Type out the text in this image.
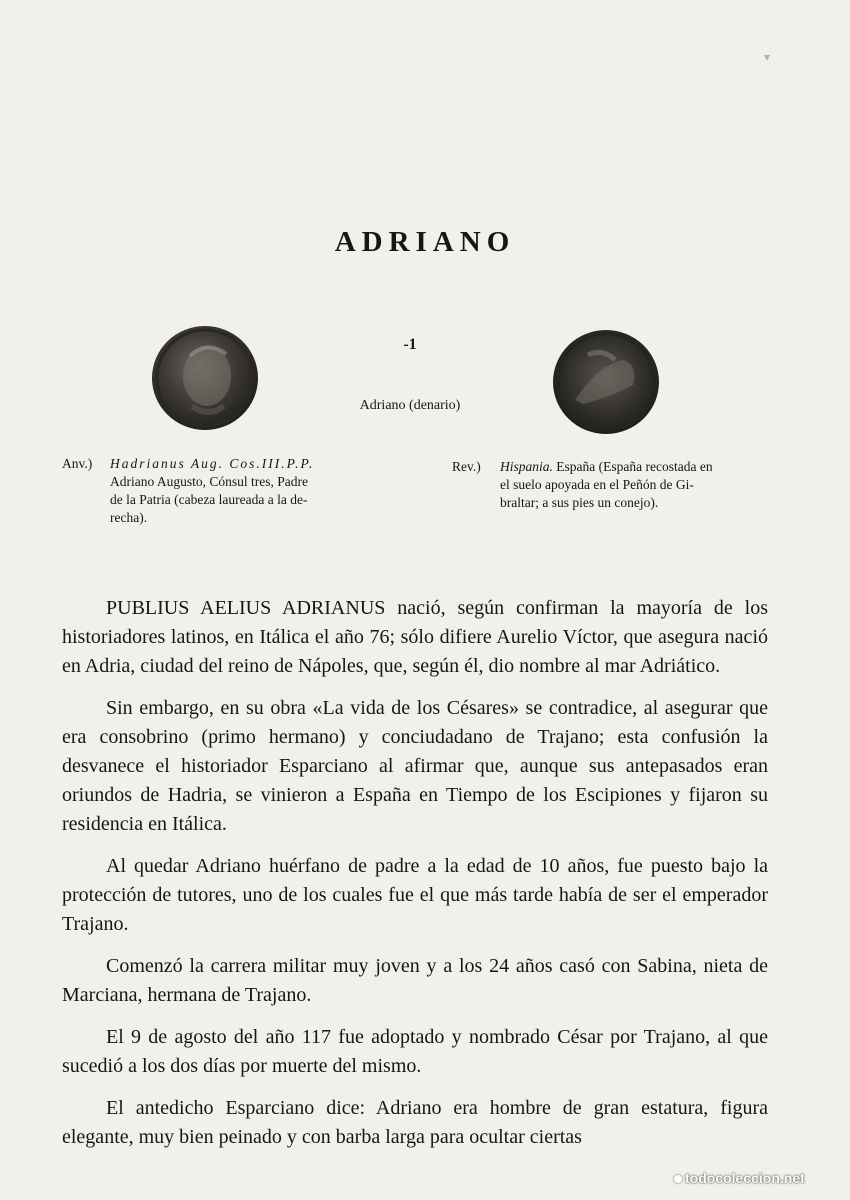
▾
ADRIANO
-1
Adriano (denario)
Anv.) Hadrianus Aug. Cos.III.P.P.
Adriano Augusto, Cónsul tres, Padre
de la Patria (cabeza laureada a la de-
recha).
Rev.) Hispania. España (España recostada en
el suelo apoyada en el Peñón de Gi-
braltar; a sus pies un conejo).

PUBLIUS AELIUS ADRIANUS nació, según confirman la mayoría de los historiadores latinos, en Itálica el año 76; sólo difiere Aurelio Víctor, que asegura nació en Adria, ciudad del reino de Nápoles, que, según él, dio nombre al mar Adriático.

Sin embargo, en su obra «La vida de los Césares» se contradice, al asegurar que era consobrino (primo hermano) y conciudadano de Trajano; esta confusión la desvanece el historiador Esparciano al afirmar que, aunque sus antepasados eran oriundos de Hadria, se vinieron a España en Tiempo de los Escipiones y fijaron su residencia en Itálica.

Al quedar Adriano huérfano de padre a la edad de 10 años, fue puesto bajo la protección de tutores, uno de los cuales fue el que más tarde había de ser el emperador Trajano.

Comenzó la carrera militar muy joven y a los 24 años casó con Sabina, nieta de Marciana, hermana de Trajano.

El 9 de agosto del año 117 fue adoptado y nombrado César por Trajano, al que sucedió a los dos días por muerte del mismo.

El antedicho Esparciano dice: Adriano era hombre de gran estatura, figura elegante, muy bien peinado y con barba larga para ocultar ciertas

todocoleccion.net
